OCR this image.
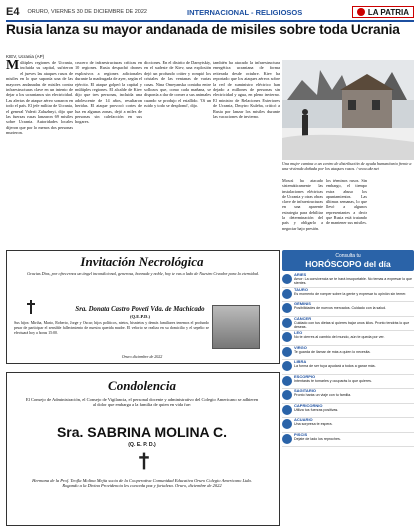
E4 ORURO, VIERNES 30 DE DICIEMBRE DE 2022	INTERNACIONAL - RELIGIOSOS	LA PATRIA
Rusia lanza su mayor andanada de misiles sobre toda Ucrania
KIEV, Ucrania (AP)
Múltiples regiones de Ucrania, incluida su capital, sufrieron el jueves las ataques rusos de misiles en lo que suponía una de las mayores andanadas de misiles contra infraestructuras clave en un intento de dejar a los ucranianos sin electricidad. Las alertas de ataque aéreo sonaron en todo el país. El jefe militar de Ucrania, el general Valerii Zaluzhnyi, dijo que las fuerzas rusas lanzaron 69 misiles sobre Ucrania. Autoridades locales dijeron que por lo menos dos personas murieron.
crucero de infraestructuras críticas en 10 regiones. Rusia despachó drones explosivos a regiones adicionales durante la madrugada de ayer, según el ejército. El ataque golpeó la capital y múltiples regiones. El alcalde de Kiev dijo que tres personas, incluida una adolescente de 14 años, resultaron heridas. El ataque provocó cortes de luz en algunas zonas, dejó a miles de personas sin calefacción en sus hogares.
dicciones. En el distrito de Darnytskiy, en el sudeste de Kiev, una explosión dejó un profundo cráter y rompió los cristales de las ventanas de varias casas. Nina Omeyanska contaba entre sollozos que, como cada mañana, se disponía a dar de comer a sus animales cuando se produjo el estallido. 'Oí un ruido y todo se desplomó', dijo.
también ha atacado la infraestructura energética ucraniana de forma reiterada desde octubre. Kiev ha reportado que los ataques aéreos sobre la red de suministro eléctrico han dejado a millones de personas sin electricidad y agua, en pleno invierno. El ministro de Relaciones Exteriores de Ucrania, Dmytro Kuleba, criticó a Rusia por lanzar los misiles durante las vacaciones de invierno.
Una mujer camina a un centro de distribución de ayuda humanitaria frente a una vivienda dañada por los ataques rusos. / www.ukr.net
Moscú ha atacado sistemáticamente las instalaciones eléctricas de Ucrania y otras obras clave de infraestructuras en una aparente estrategia para debilitar la determinación del país y obligarlo a negociar bajo presión.
los términos rusos. Sin embargo, el tiempo extra abuso los apuntamientos. Las últimas semanas, lo que llevó a algunos representantes a decir que Rusia está tratando de mantener sus misiles.
Consulta tu
HORÓSCOPO del día
ARIES
Amor: La convivencia se te hará insoportable. No temas a expresar lo que sientes.
TAURO
Es momento de romper sobre la gente y expresar tu opinión sin temer.
GÉMINIS
Posibilidades de nuevos mercados. Cuidado con la salud.
CÁNCER
Cuidado con tus dietas si quieres bajar unos kilos. Pronto tendrás lo que deseas.
LEO
No te cierres al cambio del mundo, aún te queda por ver.
VIRGO
Te guarda de llamar de más a quien lo necesita.
LIBRA
La forma de ser tuya ayudará a todos a ganar más.
ESCORPIO
Intentarás te tomarles y ocuparás lo que quieres.
SAGITARIO
Pronto harás un viaje con tu familia.
CAPRICORNIO
Utiliza tus fuerzas positivas.
ACUARIO
Una sorpresa te espera.
PISCIS
Dejate de lado los reproches.
Invitación Necrológica
Gracias Dios, por ofrecernos un ángel incondicional, generosa, honrada y noble, hoy te vas a lado de Nuestro Creador para la eternidad.
Sra. Donata Castro Poveti Vda. de Machicado
(Q.E.P.D.)
Sus hijos: Mirtha, Mario, Roberto, Jorge y Oscar; hijos políticos, nietos, bisnietos y demás familiares tenemos el profundo pesar de participar el sensible fallecimiento de nuestra querida madre. El velorio se realiza en su domicilio y el sepelio se efectuará hoy a horas 15:00.
Oruro diciembre de 2022
Condolencia
El Consejo de Administración, el Consejo de Vigilancia, el personal docente y administrativo del Colegio Americano se adhieren al dolor que embarga a la familia de quien en vida fue:
Sra. SABRINA MOLINA C.
(Q. E. P. D.)
Hermana de la Prof. Teofla Molina Mejía socia de la Cooperativa Comunidad Educativa Oruro Colegio Americano Ltda. Rogando a la Divina Providencia les conceda paz y fortaleza. Oruro, diciembre de 2022
